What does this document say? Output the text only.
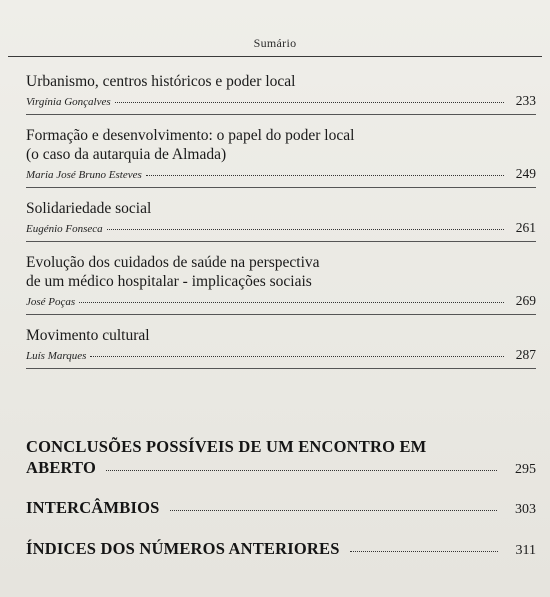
Sumário
Urbanismo, centros históricos e poder local
Virgínia Gonçalves	233
Formação e desenvolvimento: o papel do poder local
(o caso da autarquia de Almada)
Maria José Bruno Esteves	249
Solidariedade social
Eugénio Fonseca	261
Evolução dos cuidados de saúde na perspectiva
de um médico hospitalar - implicações sociais
José Poças	269
Movimento cultural
Luís Marques	287
CONCLUSÕES POSSÍVEIS DE UM ENCONTRO EM
ABERTO	295
INTERCÂMBIOS	303
ÍNDICES DOS NÚMEROS ANTERIORES	311
